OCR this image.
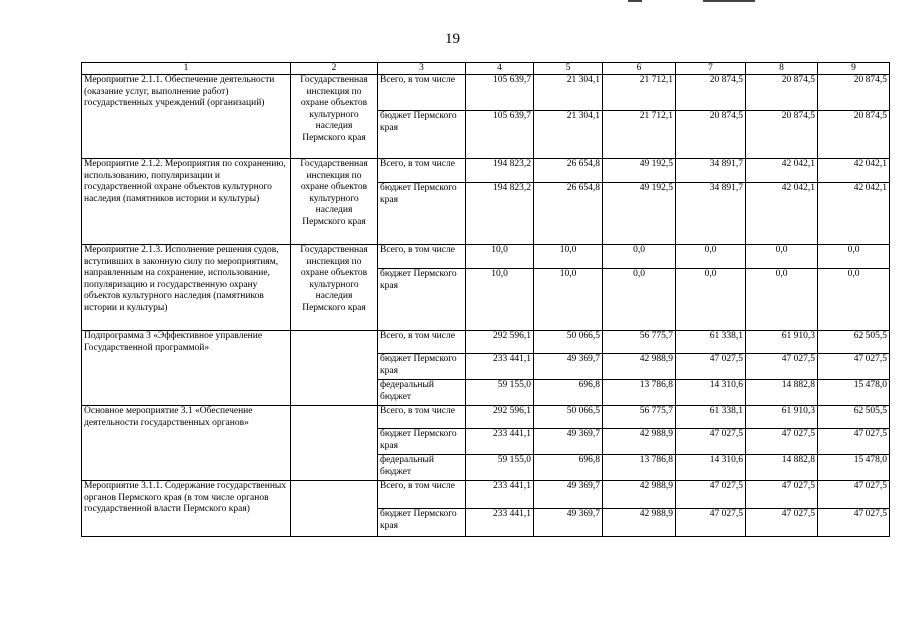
19
1	2	3	4	5	6	7	8	9
Мероприятие 2.1.1. Обеспечение деятельности (оказание услуг, выполнение работ) государственных учреждений (организаций)	Государственная инспекция по охране объектов культурного наследия Пермского края	Всего, в том числе	105 639,7	21 304,1	21 712,1	20 874,5	20 874,5	20 874,5
		бюджет Пермского края	105 639,7	21 304,1	21 712,1	20 874,5	20 874,5	20 874,5
Мероприятие 2.1.2. Мероприятия по сохранению, использованию, популяризации и государственной охране объектов культурного наследия (памятников истории и культуры)	Государственная инспекция по охране объектов культурного наследия Пермского края	Всего, в том числе	194 823,2	26 654,8	49 192,5	34 891,7	42 042,1	42 042,1
		бюджет Пермского края	194 823,2	26 654,8	49 192,5	34 891,7	42 042,1	42 042,1
Мероприятие 2.1.3. Исполнение решения судов, вступивших в законную силу по мероприятиям, направленным на сохранение, использование, популяризацию и государственную охрану объектов культурного наследия (памятников истории и культуры)	Государственная инспекция по охране объектов культурного наследия Пермского края	Всего, в том числе	10,0	10,0	0,0	0,0	0,0	0,0
		бюджет Пермского края	10,0	10,0	0,0	0,0	0,0	0,0
Подпрограмма 3 «Эффективное управление Государственной программой»		Всего, в том числе	292 596,1	50 066,5	56 775,7	61 338,1	61 910,3	62 505,5
		бюджет Пермского края	233 441,1	49 369,7	42 988,9	47 027,5	47 027,5	47 027,5
		федеральный бюджет	59 155,0	696,8	13 786,8	14 310,6	14 882,8	15 478,0
Основное мероприятие 3.1 «Обеспечение деятельности государственных органов»		Всего, в том числе	292 596,1	50 066,5	56 775,7	61 338,1	61 910,3	62 505,5
		бюджет Пермского края	233 441,1	49 369,7	42 988,9	47 027,5	47 027,5	47 027,5
		федеральный бюджет	59 155,0	696,8	13 786,8	14 310,6	14 882,8	15 478,0
Мероприятие 3.1.1. Содержание государственных органов Пермского края (в том числе органов государственной власти Пермского края)		Всего, в том числе	233 441,1	49 369,7	42 988,9	47 027,5	47 027,5	47 027,5
		бюджет Пермского края	233 441,1	49 369,7	42 988,9	47 027,5	47 027,5	47 027,5
